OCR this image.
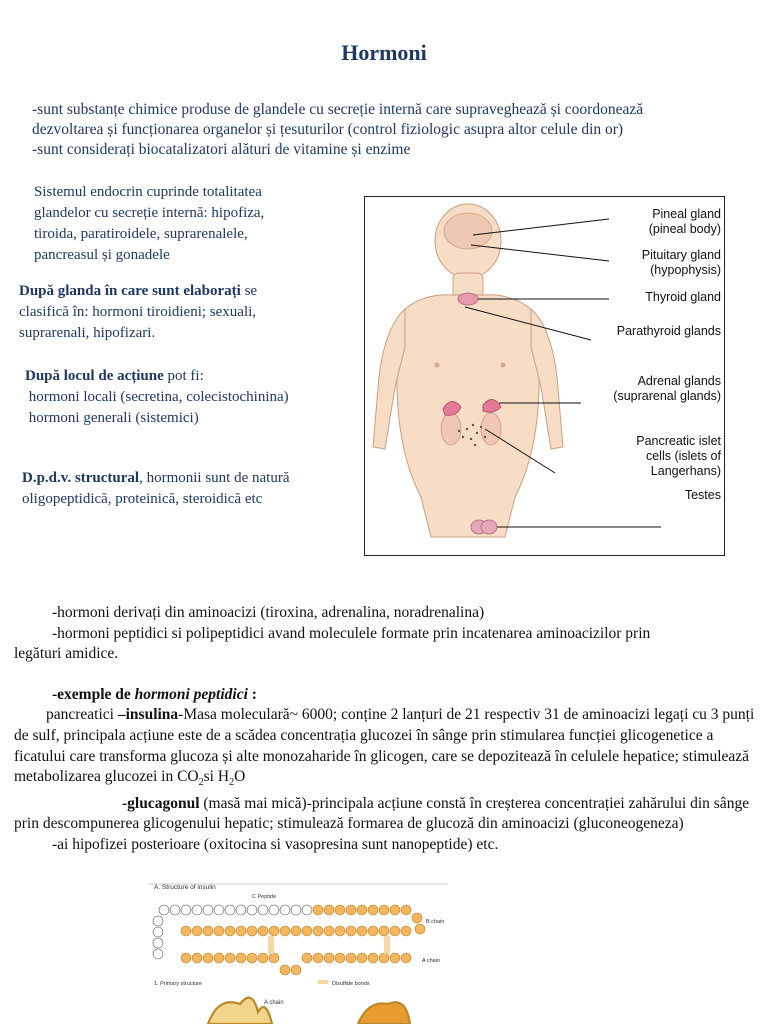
Hormoni

-sunt substanțe chimice produse de glandele cu secreție internă care supraveghează și coordonează

dezvoltarea și funcționarea organelor și țesuturilor (control fiziologic asupra altor celule din or)

-sunt considerați biocatalizatori alături de vitamine și enzime

Sistemul endocrin cuprinde totalitatea

glandelor cu secreție internă: hipofiza,

tiroida, paratiroidele, suprarenalele,

pancreasul și gonadele

După glanda în care sunt elaborați se

clasifică în: hormoni tiroidieni; sexuali,

suprarenali, hipofizari.

După locul de acțiune pot fi:

hormoni locali (secretina, colecistochinina)

hormoni generali (sistemici)

D.p.d.v. structural, hormonii sunt de natură

oligopeptidică, proteinică, steroidică etc

Pineal gland
(pineal body)
Pituitary gland
(hypophysis)
Thyroid gland
Parathyroid glands
Adrenal glands
(suprarenal glands)
Pancreatic islet
cells (islets of
Langerhans)
Testes

-hormoni derivați din aminoacizi (tiroxina, adrenalina, noradrenalina)

-hormoni peptidici si polipeptidici avand moleculele formate prin incatenarea aminoacizilor prin

legături amidice.

-exemple de hormoni peptidici :

pancreatici –insulina-Masa moleculară~ 6000; conține 2 lanțuri de 21 respectiv 31 de aminoacizi legați cu 3 punți de sulf, principala acțiune este de a scădea concentrația glucozei în sânge prin stimularea funcției glicogenetice a ficatului care transforma glucoza și alte monozaharide în glicogen, care se depozitează în celulele hepatice; stimulează metabolizarea glucozei in $CO_2si$ $H_2O$

-glucagonul (masă mai mică)-principala acțiune constă în creșterea concentrației zahărului din sânge prin descompunerea glicogenului hepatic; stimulează formarea de glucoză din aminoacizi (gluconeogeneza)

-ai hipofizei posterioare (oxitocina si vasopresina sunt nanopeptide) etc.

A. Structure of insulin
C Peptide
B chain
A chain
1. Primary structure	Disulfide bonds
A chain
